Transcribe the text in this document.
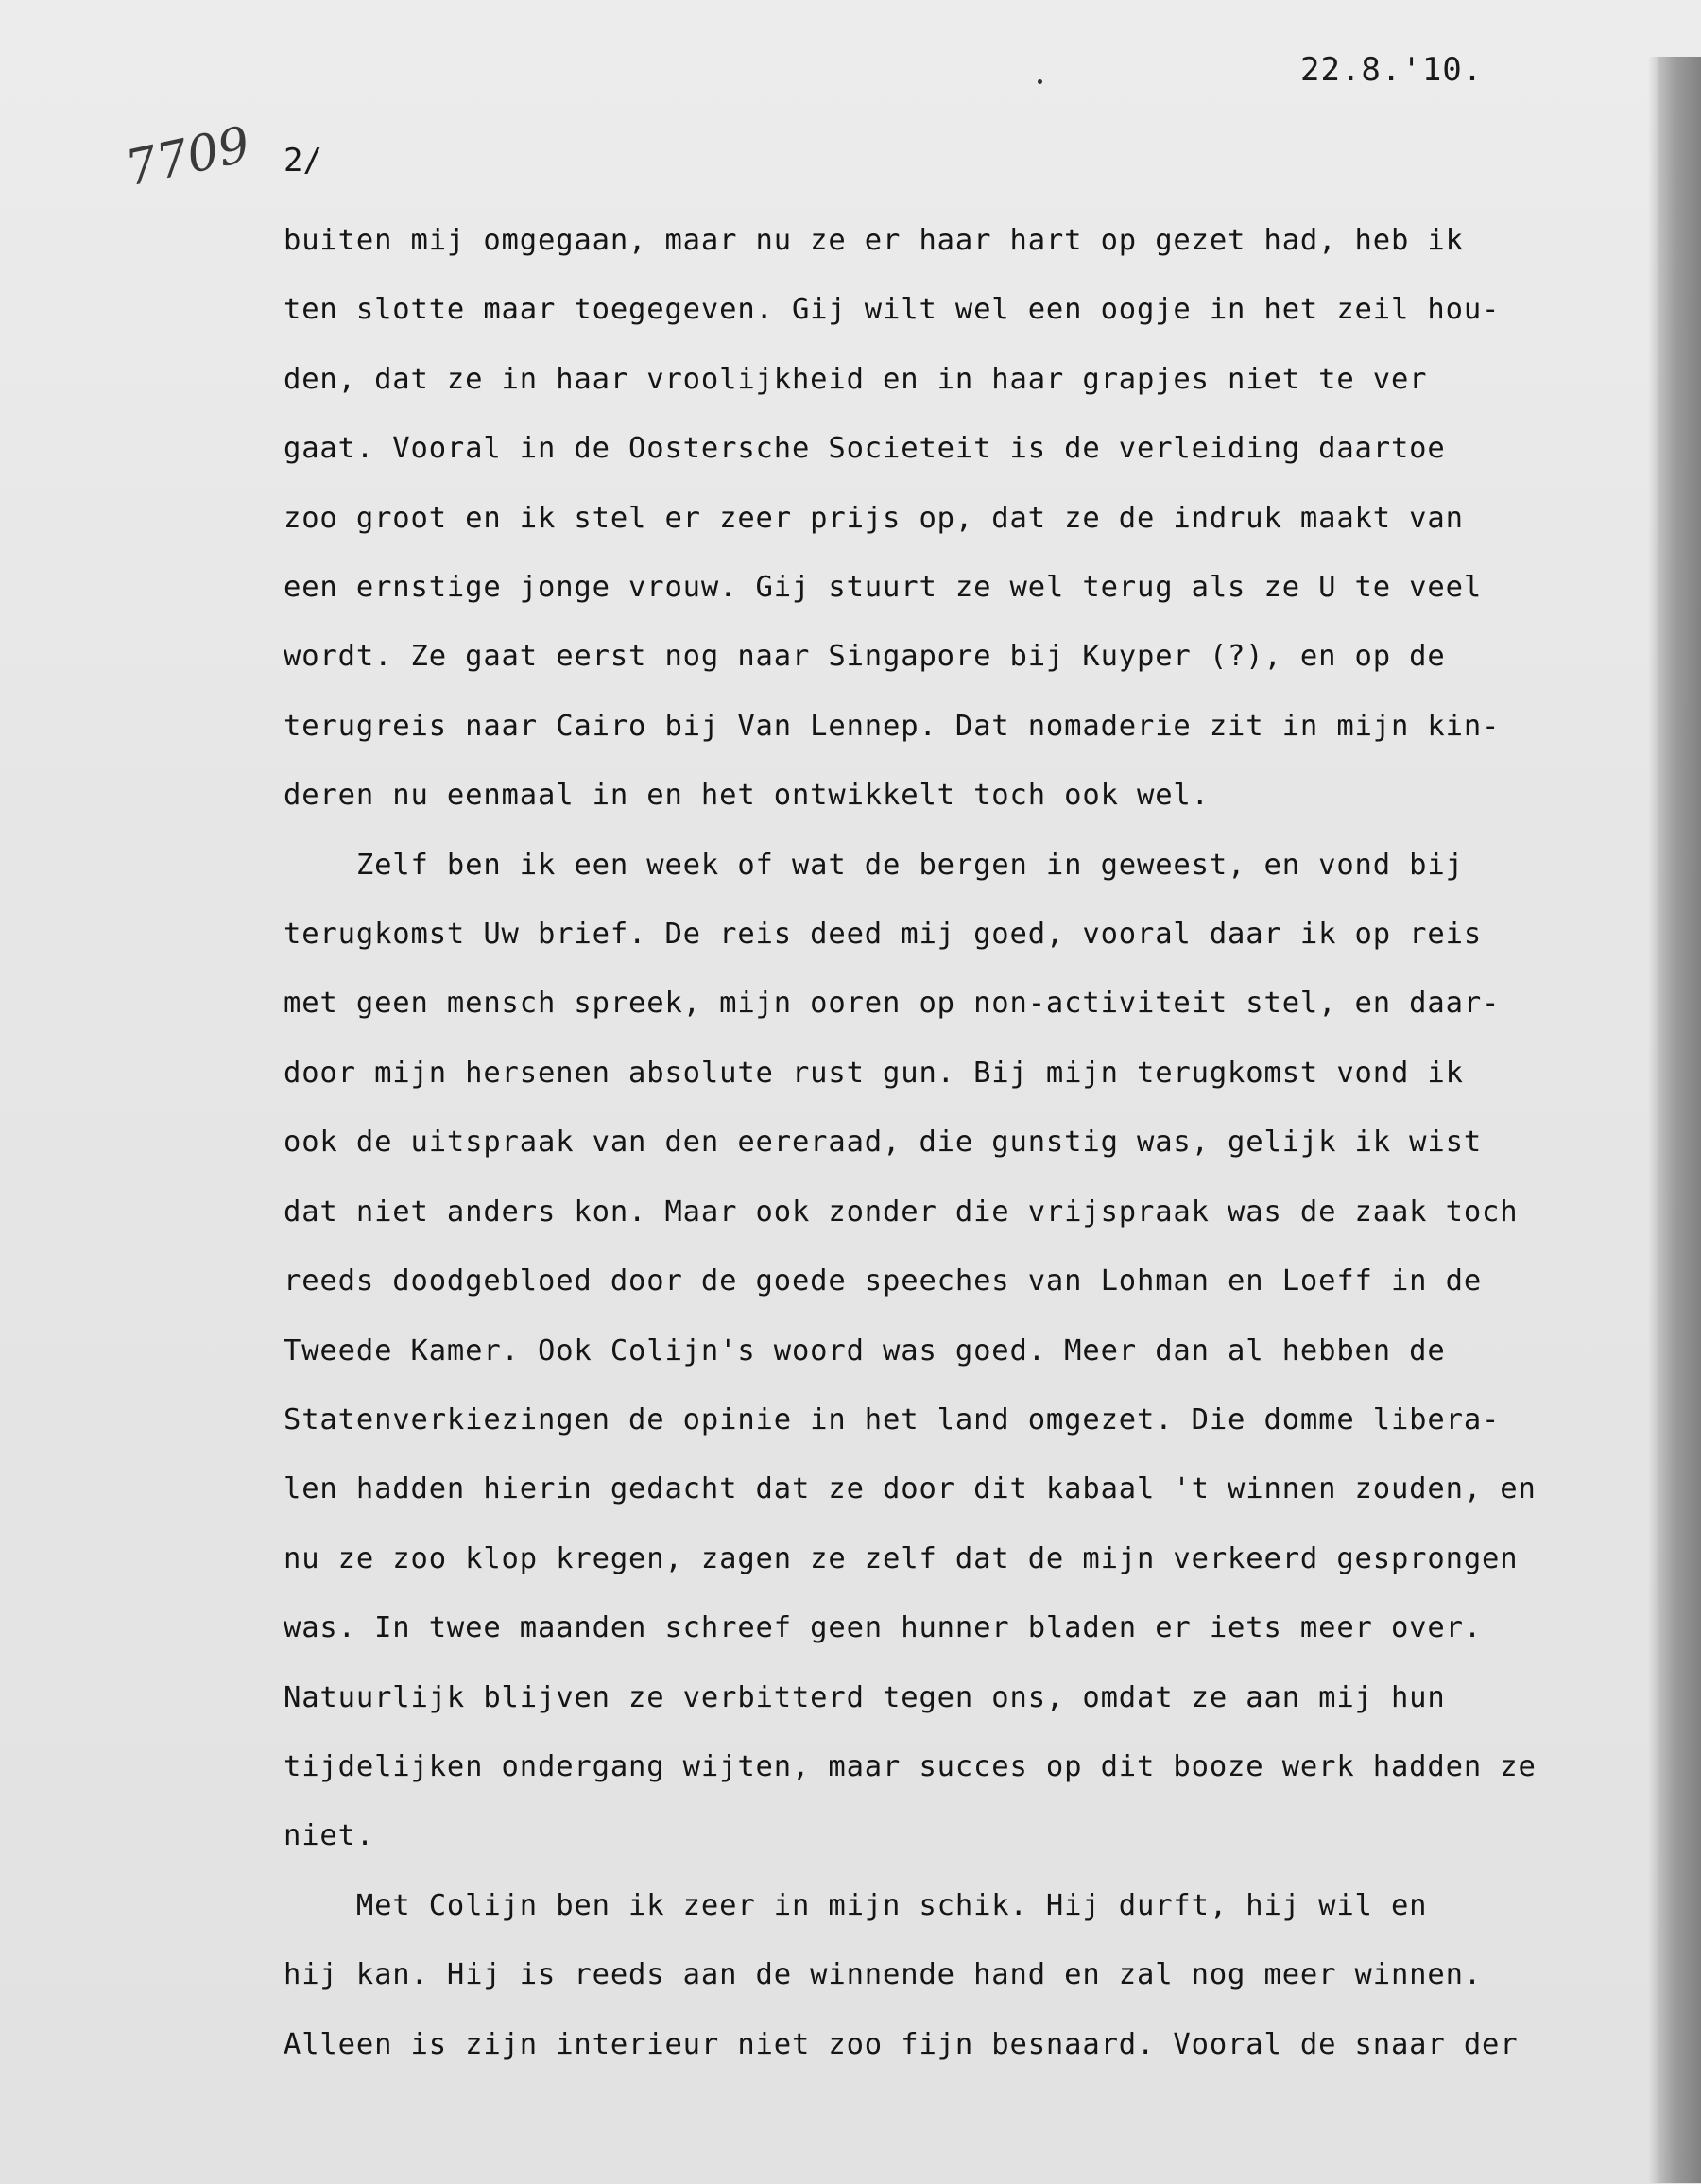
22.8.'10.
7709 2/
buiten mij omgegaan, maar nu ze er haar hart op gezet had, heb ik
ten slotte maar toegegeven. Gij wilt wel een oogje in het zeil hou-
den, dat ze in haar vroolijkheid en in haar grapjes niet te ver
gaat. Vooral in de Oostersche Societeit is de verleiding daartoe
zoo groot en ik stel er zeer prijs op, dat ze de indruk maakt van
een ernstige jonge vrouw. Gij stuurt ze wel terug als ze U te veel
wordt. Ze gaat eerst nog naar Singapore bij Kuyper (?), en op de
terugreis naar Cairo bij Van Lennep. Dat nomaderie zit in mijn kin-
deren nu eenmaal in en het ontwikkelt toch ook wel.
Zelf ben ik een week of wat de bergen in geweest, en vond bij
terugkomst Uw brief. De reis deed mij goed, vooral daar ik op reis
met geen mensch spreek, mijn ooren op non-activiteit stel, en daar-
door mijn hersenen absolute rust gun. Bij mijn terugkomst vond ik
ook de uitspraak van den eereraad, die gunstig was, gelijk ik wist
dat niet anders kon. Maar ook zonder die vrijspraak was de zaak toch
reeds doodgebloed door de goede speeches van Lohman en Loeff in de
Tweede Kamer. Ook Colijn's woord was goed. Meer dan al hebben de
Statenverkiezingen de opinie in het land omgezet. Die domme libera-
len hadden hierin gedacht dat ze door dit kabaal 't winnen zouden, en
nu ze zoo klop kregen, zagen ze zelf dat de mijn verkeerd gesprongen
was. In twee maanden schreef geen hunner bladen er iets meer over.
Natuurlijk blijven ze verbitterd tegen ons, omdat ze aan mij hun
tijdelijken ondergang wijten, maar succes op dit booze werk hadden ze
niet.
Met Colijn ben ik zeer in mijn schik. Hij durft, hij wil en
hij kan. Hij is reeds aan de winnende hand en zal nog meer winnen.
Alleen is zijn interieur niet zoo fijn besnaard. Vooral de snaar der
